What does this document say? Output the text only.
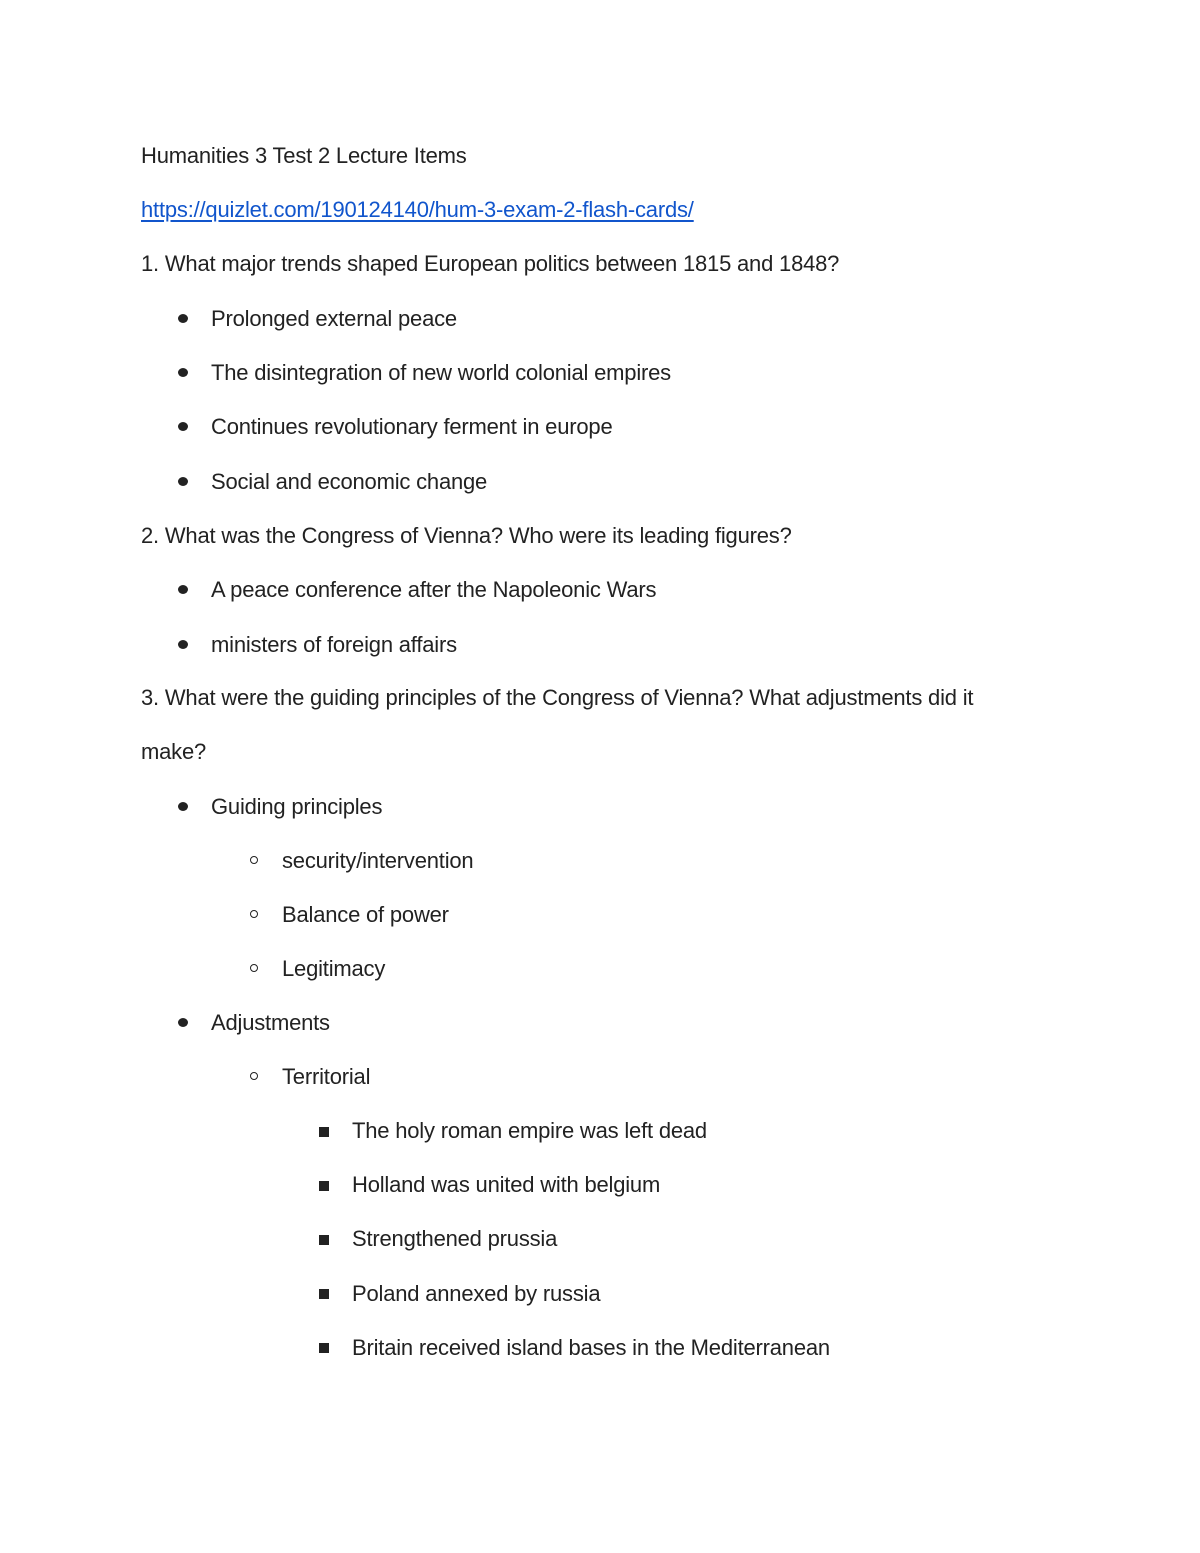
Humanities 3 Test 2 Lecture Items
https://quizlet.com/190124140/hum-3-exam-2-flash-cards/
1. What major trends shaped European politics between 1815 and 1848?
Prolonged external peace
The disintegration of new world colonial empires
Continues revolutionary ferment in europe
Social and economic change
2. What was the Congress of Vienna? Who were its leading figures?
A peace conference after the Napoleonic Wars
ministers of foreign affairs
3. What were the guiding principles of the Congress of Vienna? What adjustments did it
make?
Guiding principles
security/intervention
Balance of power
Legitimacy
Adjustments
Territorial
The holy roman empire was left dead
Holland was united with belgium
Strengthened prussia
Poland annexed by russia
Britain received island bases in the Mediterranean
